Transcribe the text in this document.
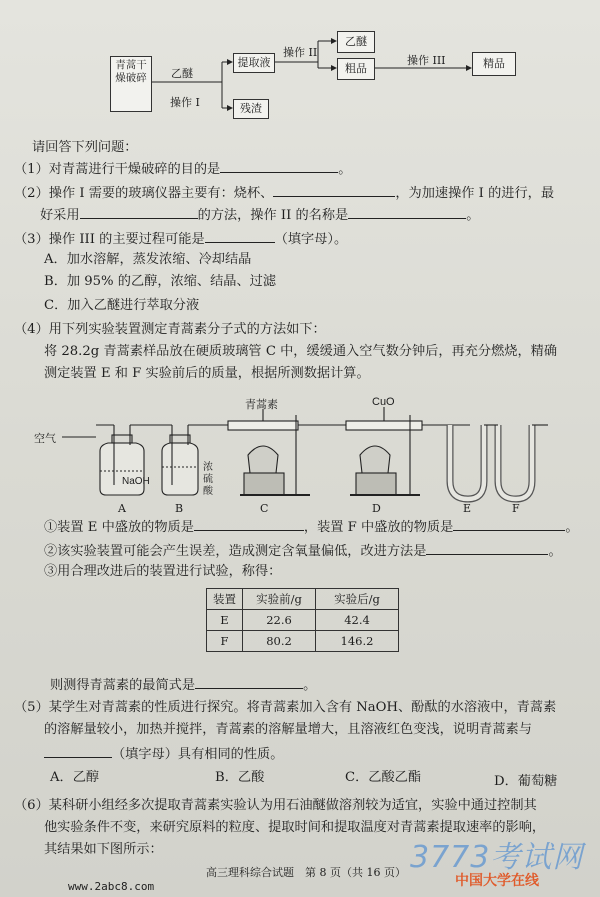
青蒿干燥破碎	乙醚
操作 I
提取液
残渣
操作 II
乙醚
粗品
操作 III	精品
请回答下列问题：
（1）对青蒿进行干燥破碎的目的是	。
（2）操作 I 需要的玻璃仪器主要有：烧杯、	，为加速操作 I 的进行，最
好采用	的方法，操作 II 的名称是	。
（3）操作 III 的主要过程可能是	（填字母）。
A．加水溶解，蒸发浓缩、冷却结晶
B．加 95% 的乙醇，浓缩、结晶、过滤
C．加入乙醚进行萃取分液
（4）用下列实验装置测定青蒿素分子式的方法如下：
将 28.2g 青蒿素样品放在硬质玻璃管 C 中，缓缓通入空气数分钟后，再充分燃烧，精确
测定装置 E 和 F 实验前后的质量，根据所测数据计算。
空气
NaOH
浓硫酸
青蒿素	CuO
A	B	C	D	E	F
①装置 E 中盛放的物质是	，装置 F 中盛放的物质是	。
②该实验装置可能会产生误差，造成测定含氧量偏低，改进方法是	。
③用合理改进后的装置进行试验，称得：
装置	实验前/g	实验后/g
E	22.6	42.4
F	80.2	146.2
则测得青蒿素的最简式是	。
（5）某学生对青蒿素的性质进行探究。将青蒿素加入含有 NaOH、酚酞的水溶液中，青蒿素
的溶解量较小，加热并搅拌，青蒿素的溶解量增大，且溶液红色变浅，说明青蒿素与
（填字母）具有相同的性质。
A．乙醇	B．乙酸	C．乙酸乙酯	D．葡萄糖
（6）某科研小组经多次提取青蒿素实验认为用石油醚做溶剂较为适宜，实验中通过控制其
他实验条件不变，来研究原料的粒度、提取时间和提取温度对青蒿素提取速率的影响，
其结果如下图所示：
高三理科综合试题　第 8 页（共 16 页）
www.2abc8.com
3773考试网
中国大学在线
